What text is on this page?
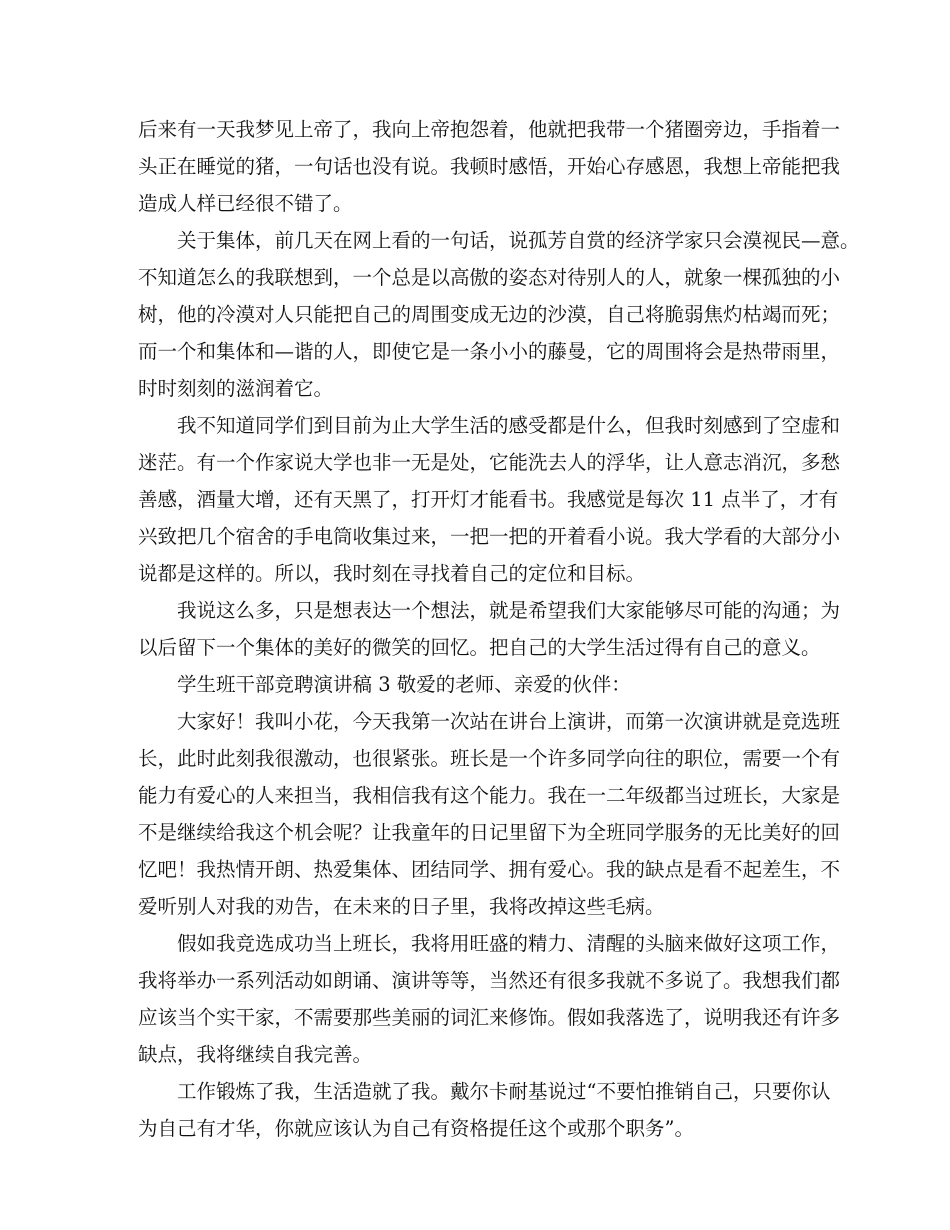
后来有一天我梦见上帝了，我向上帝抱怨着，他就把我带一个猪圈旁边，手指着一
头正在睡觉的猪，一句话也没有说。我顿时感悟，开始心存感恩，我想上帝能把我
造成人样已经很不错了。
关于集体，前几天在网上看的一句话，说孤芳自赏的经济学家只会漠视民—意。
不知道怎么的我联想到，一个总是以高傲的姿态对待别人的人，就象一棵孤独的小
树，他的冷漠对人只能把自己的周围变成无边的沙漠，自己将脆弱焦灼枯竭而死；
而一个和集体和—谐的人，即使它是一条小小的藤曼，它的周围将会是热带雨里，
时时刻刻的滋润着它。
我不知道同学们到目前为止大学生活的感受都是什么，但我时刻感到了空虚和
迷茫。有一个作家说大学也非一无是处，它能洗去人的浮华，让人意志消沉，多愁
善感，酒量大增，还有天黑了，打开灯才能看书。我感觉是每次 11 点半了，才有
兴致把几个宿舍的手电筒收集过来，一把一把的开着看小说。我大学看的大部分小
说都是这样的。所以，我时刻在寻找着自己的定位和目标。
我说这么多，只是想表达一个想法，就是希望我们大家能够尽可能的沟通；为
以后留下一个集体的美好的微笑的回忆。把自己的大学生活过得有自己的意义。
学生班干部竞聘演讲稿 3 敬爱的老师、亲爱的伙伴：
大家好！我叫小花，今天我第一次站在讲台上演讲，而第一次演讲就是竞选班
长，此时此刻我很激动，也很紧张。班长是一个许多同学向往的职位，需要一个有
能力有爱心的人来担当，我相信我有这个能力。我在一二年级都当过班长，大家是
不是继续给我这个机会呢？让我童年的日记里留下为全班同学服务的无比美好的回
忆吧！我热情开朗、热爱集体、团结同学、拥有爱心。我的缺点是看不起差生，不
爱听别人对我的劝告，在未来的日子里，我将改掉这些毛病。
假如我竞选成功当上班长，我将用旺盛的精力、清醒的头脑来做好这项工作，
我将举办一系列活动如朗诵、演讲等等，当然还有很多我就不多说了。我想我们都
应该当个实干家，不需要那些美丽的词汇来修饰。假如我落选了，说明我还有许多
缺点，我将继续自我完善。
工作锻炼了我，生活造就了我。戴尔卡耐基说过“不要怕推销自己，只要你认
为自己有才华，你就应该认为自己有资格提任这个或那个职务”。
